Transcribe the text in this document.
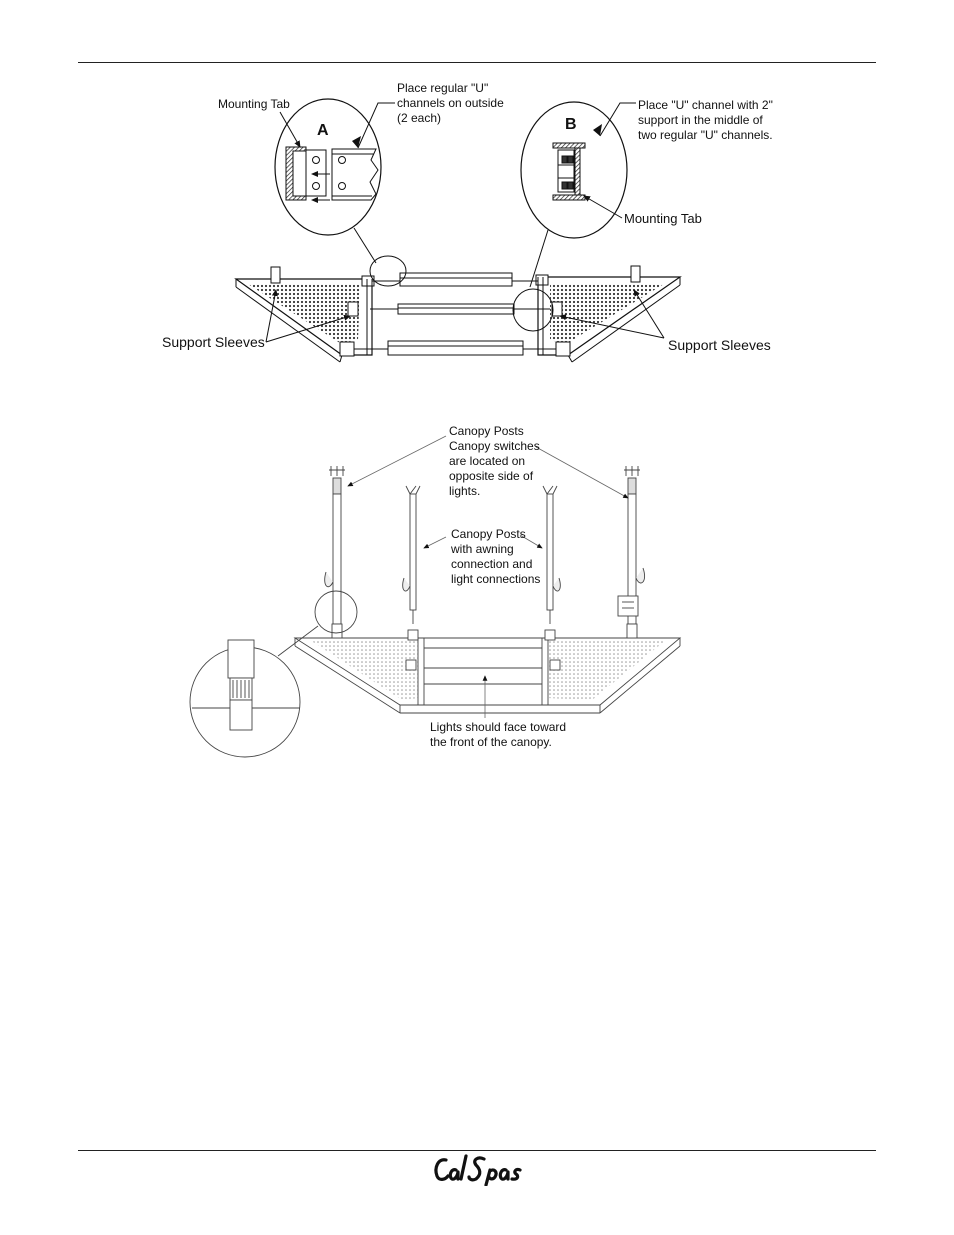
Mounting Tab
A
Place regular "U"
channels on outside
(2 each)	B
Place "U" channel with 2"
support in the middle of
two regular "U" channels.
Mounting Tab
Support Sleeves	Support Sleeves
Canopy Posts
Canopy switches
are located on
opposite side of
lights.
Canopy Posts
with awning
connection and
light connections
Lights should face toward
the front of the canopy.
